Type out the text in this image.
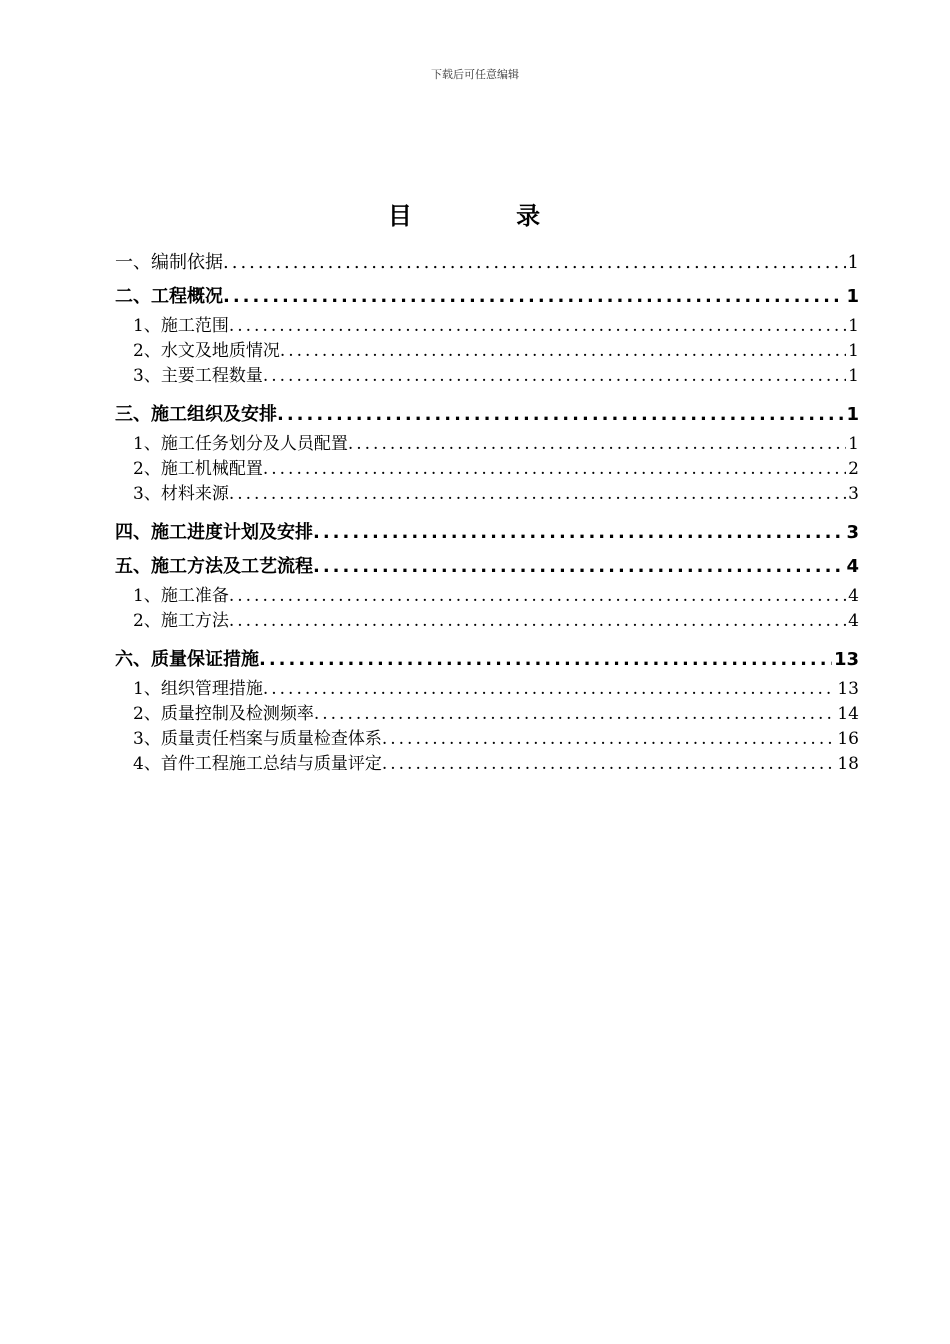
下载后可任意编辑
目 录
一、编制依据 .....	1
二、工程概况 .....	1
1、施工范围 .....	1
2、水文及地质情况 .....	1
3、主要工程数量 .....	1
三、施工组织及安排 .....	1
1、施工任务划分及人员配置 .....	1
2、施工机械配置 .....	2
3、材料来源 .....	3
四、施工进度计划及安排 .....	3
五、施工方法及工艺流程 .....	4
1、施工准备 .....	4
2、施工方法 .....	4
六、质量保证措施 .....	13
1、组织管理措施 .....	13
2、质量控制及检测频率 .....	14
3、质量责任档案与质量检查体系 .....	16
4、首件工程施工总结与质量评定 .....	18
